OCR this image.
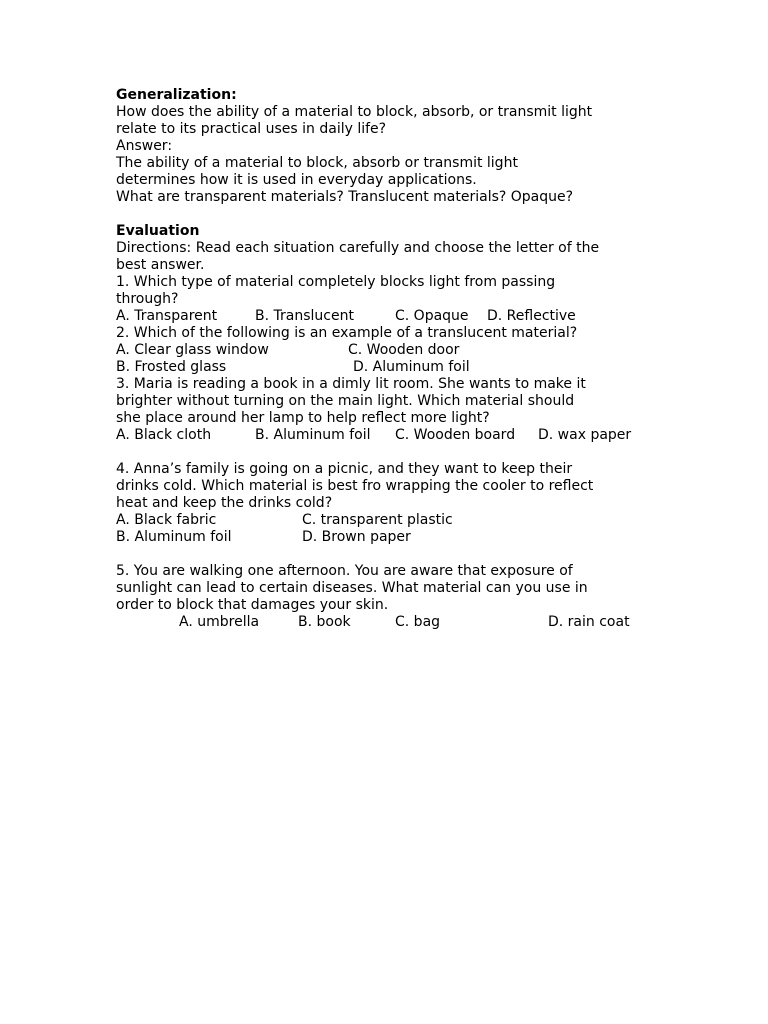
Generalization:
How does the ability of a material to block, absorb, or transmit light
relate to its practical uses in daily life?
Answer:
The ability of a material to block, absorb or transmit light
determines how it is used in everyday applications.
What are transparent materials? Translucent materials? Opaque?
Evaluation
Directions: Read each situation carefully and choose the letter of the
best answer.
1. Which type of material completely blocks light from passing
through?

A. Transparent

	B. Translucent

	C. Opaque

D. Reflective

2. Which of the following is an example of a translucent material?

A. Clear glass window

	C. Wooden door

B. Frosted glass

	D. Aluminum foil

3. Maria is reading a book in a dimly lit room. She wants to make it
brighter without turning on the main light. Which material should
she place around her lamp to help reflect more light?

A. Black cloth

	B. Aluminum foil

C. Wooden board

D. wax paper

4. Anna’s family is going on a picnic, and they want to keep their
drinks cold. Which material is best fro wrapping the cooler to reflect
heat and keep the drinks cold?

A. Black fabric

	C. transparent plastic

B. Aluminum foil

	D. Brown paper

5. You are walking one afternoon. You are aware that exposure of
sunlight can lead to certain diseases. What material can you use in
order to block that damages your skin.

A. umbrella

	B. book

	C. bag

	D. rain coat
